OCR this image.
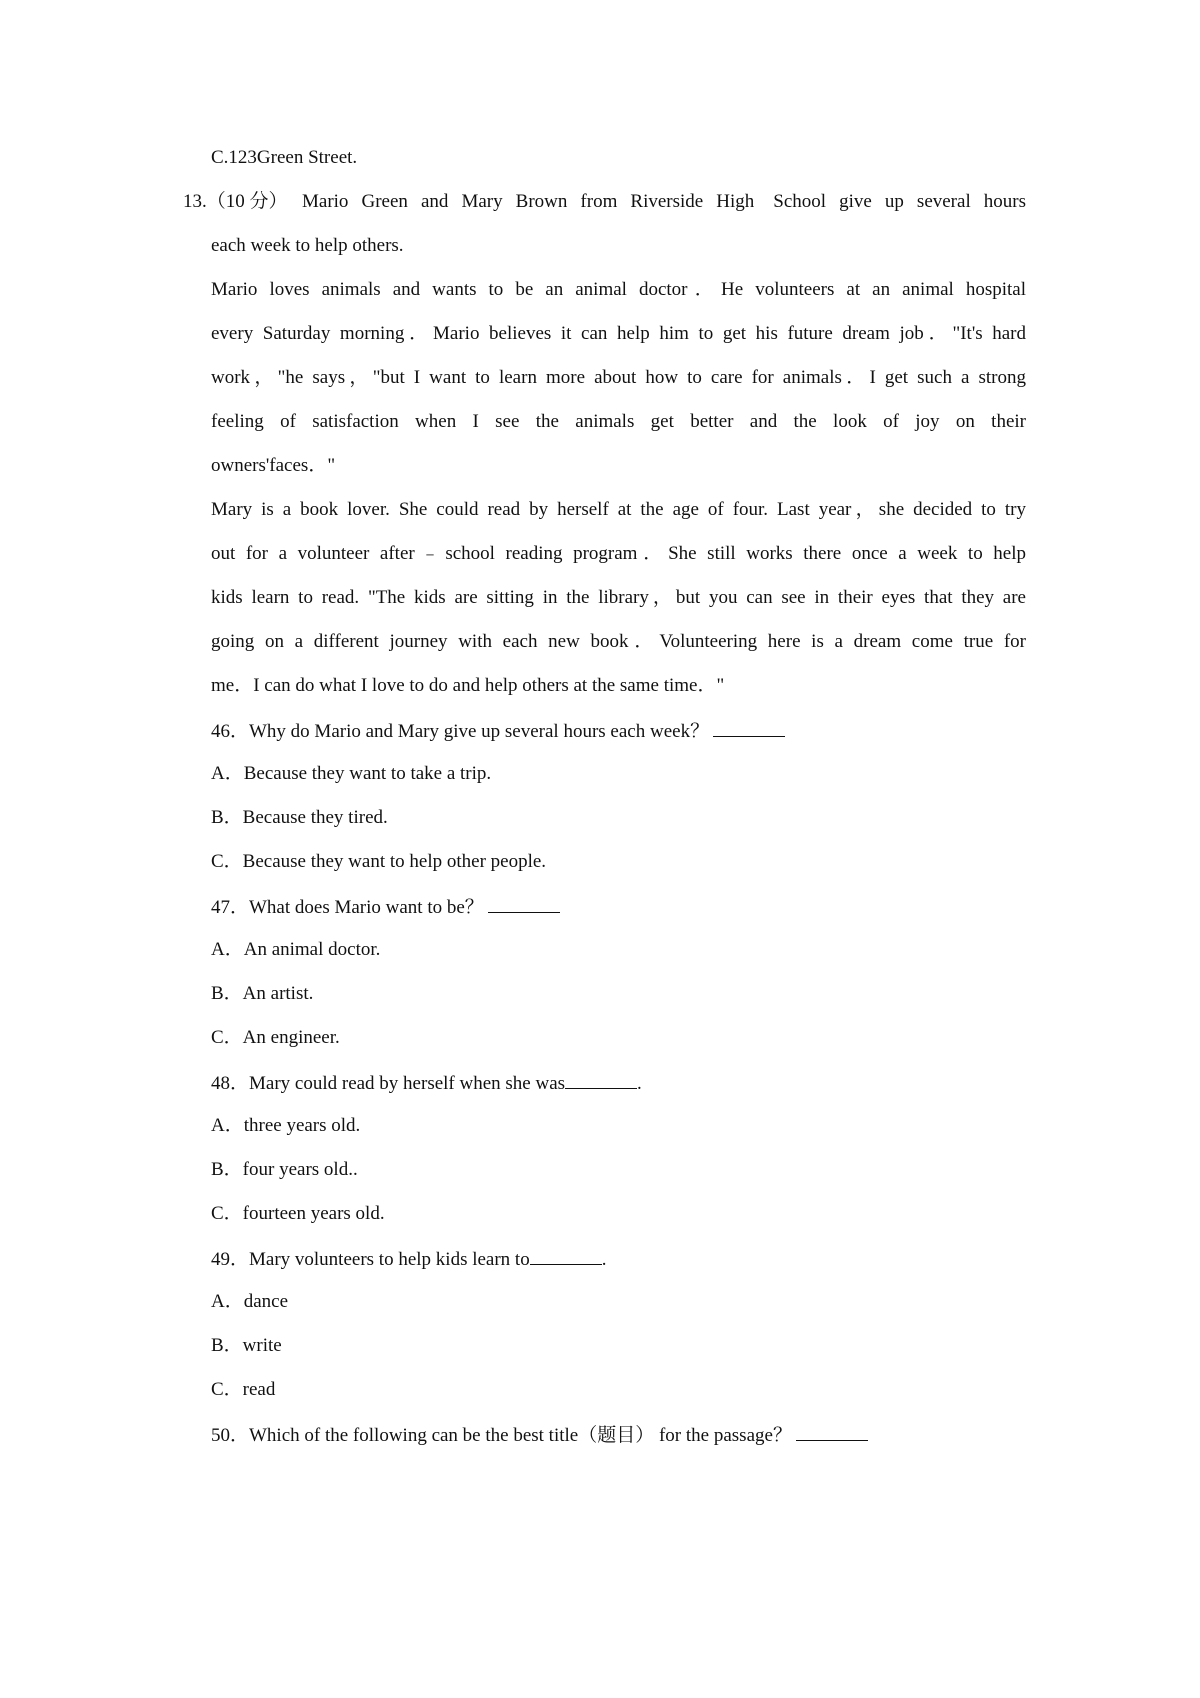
C.123Green Street.
13.（10 分） Mario Green and Mary Brown from Riverside High School give up several hours
each week to help others.
Mario loves animals and wants to be an animal doctor．He volunteers at an animal hospital
every Saturday morning．Mario believes it can help him to get his future dream job．"It's hard
work，"he says，"but I want to learn more about how to care for animals．I get such a strong
feeling of satisfaction when I see the animals get better and the look of joy on their
owners'faces．"
Mary is a book lover. She could read by herself at the age of four. Last year，she decided to try
out for a volunteer after﹣school reading program．She still works there once a week to help
kids learn to read. "The kids are sitting in the library，but you can see in their eyes that they are
going on a different journey with each new book．Volunteering here is a dream come true for
me．I can do what I love to do and help others at the same time．"
46．Why do Mario and Mary give up several hours each week？
A．Because they want to take a trip.
B．Because they tired.
C．Because they want to help other people.
47．What does Mario want to be？
A．An animal doctor.
B．An artist.
C．An engineer.
48．Mary could read by herself when she was	.
A．three years old.
B．four years old..
C．fourteen years old.
49．Mary volunteers to help kids learn to	.
A．dance
B．write
C．read
50．Which of the following can be the best title（题目） for the passage？
